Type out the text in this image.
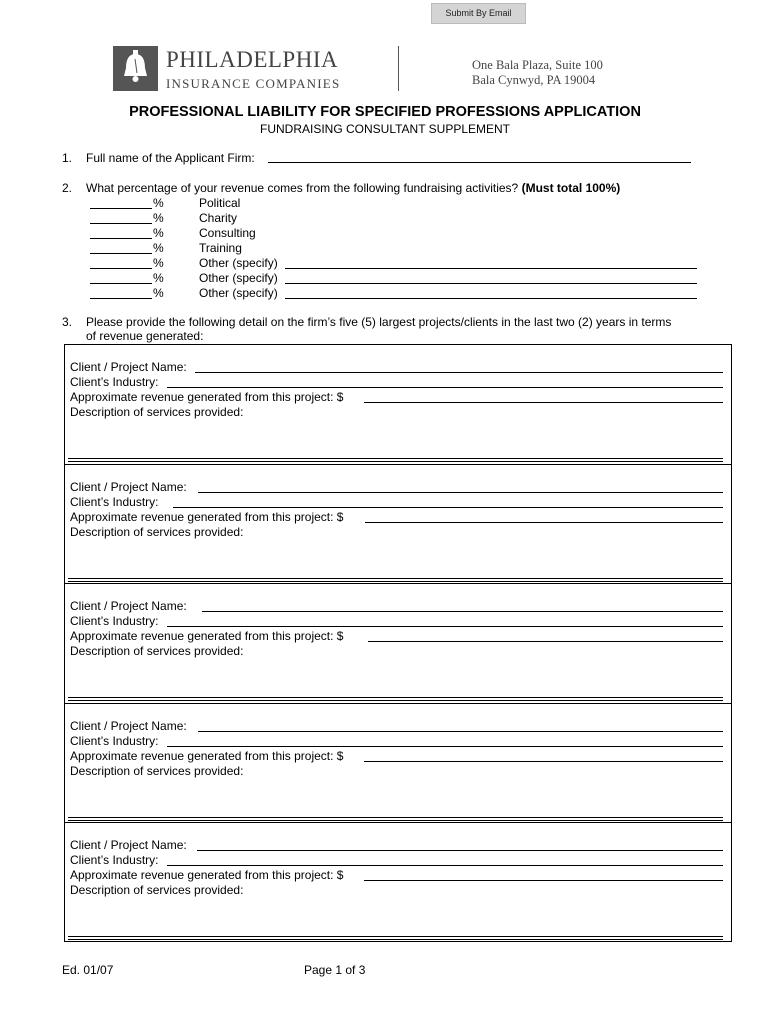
Submit By Email
PHILADELPHIA
INSURANCE COMPANIES
One Bala Plaza, Suite 100
Bala Cynwyd, PA 19004
PROFESSIONAL LIABILITY FOR SPECIFIED PROFESSIONS APPLICATION
FUNDRAISING CONSULTANT SUPPLEMENT
1. Full name of the Applicant Firm:
2. What percentage of your revenue comes from the following fundraising activities? (Must total 100%)
%	Political
%	Charity
%	Consulting
%	Training
%	Other (specify)
%	Other (specify)
%	Other (specify)
3. Please provide the following detail on the firm’s five (5) largest projects/clients in the last two (2) years in terms
of revenue generated:
Client / Project Name:
Client’s Industry:
Approximate revenue generated from this project: $
Description of services provided:
Client / Project Name:
Client’s Industry:
Approximate revenue generated from this project: $
Description of services provided:
Client / Project Name:
Client’s Industry:
Approximate revenue generated from this project: $
Description of services provided:
Client / Project Name:
Client’s Industry:
Approximate revenue generated from this project: $
Description of services provided:
Client / Project Name:
Client’s Industry:
Approximate revenue generated from this project: $
Description of services provided:
Ed. 01/07	Page 1 of 3
